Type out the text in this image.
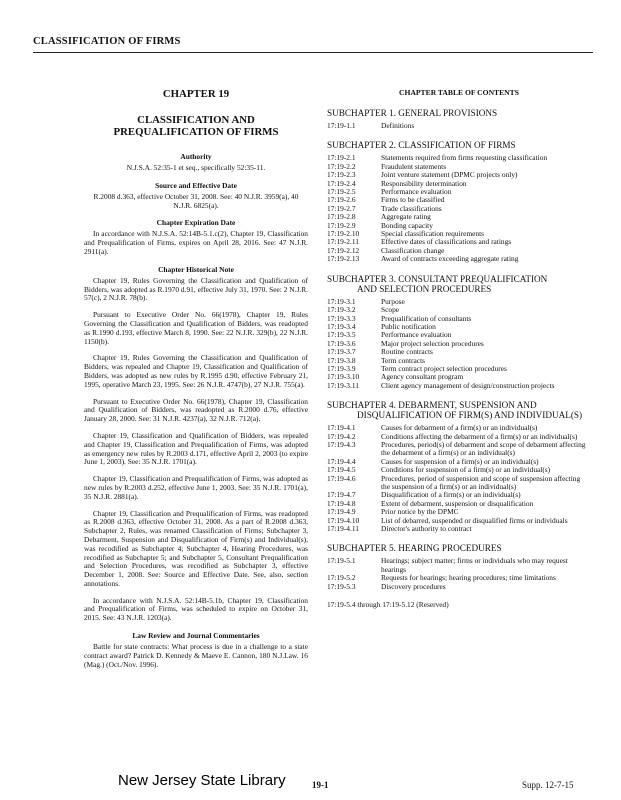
CLASSIFICATION OF FIRMS
CHAPTER 19
CLASSIFICATION AND PREQUALIFICATION OF FIRMS
Authority
N.J.S.A. 52:35-1 et seq., specifically 52:35-11.
Source and Effective Date
R.2008 d.363, effective October 31, 2008. See: 40 N.J.R. 3959(a), 40 N.J.R. 6825(a).
Chapter Expiration Date
In accordance with N.J.S.A. 52:14B-5.1.c(2), Chapter 19, Classification and Prequalification of Firms, expires on April 28, 2016. See: 47 N.J.R. 2911(a).
Chapter Historical Note
Chapter 19, Rules Governing the Classification and Qualification of Bidders, was adopted as R.1970 d.91, effective July 31, 1970. See: 2 N.J.R. 57(c), 2 N.J.R. 78(b).
Pursuant to Executive Order No. 66(1978), Chapter 19, Rules Governing the Classification and Qualification of Bidders, was readopted as R.1990 d.193, effective March 8, 1990. See: 22 N.J.R. 329(b), 22 N.J.R. 1150(b).
Chapter 19, Rules Governing the Classification and Qualification of Bidders, was repealed and Chapter 19, Classification and Qualification of Bidders, was adopted as new rules by R.1995 d.90, effective February 21, 1995, operative March 23, 1995. See: 26 N.J.R. 4747(b), 27 N.J.R. 755(a).
Pursuant to Executive Order No. 66(1978), Chapter 19, Classification and Qualification of Bidders, was readopted as R.2000 d.76, effective January 28, 2000. See: 31 N.J.R. 4237(a), 32 N.J.R. 712(a).
Chapter 19, Classification and Qualification of Bidders, was repealed and Chapter 19, Classification and Prequalification of Firms, was adopted as emergency new rules by R.2003 d.171, effective April 2, 2003 (to expire June 1, 2003). See: 35 N.J.R. 1701(a).
Chapter 19, Classification and Prequalification of Firms, was adopted as new rules by R.2003 d.252, effective June 1, 2003. See: 35 N.J.R. 1701(a), 35 N.J.R. 2881(a).
Chapter 19, Classification and Prequalification of Firms, was readopted as R.2008 d.363, effective October 31, 2008. As a part of R.2008 d.363, Subchapter 2, Rules, was renamed Classification of Firms; Subchapter 3, Debarment, Suspension and Disqualification of Firm(s) and Individual(s), was recodified as Subchapter 4; Subchapter 4, Hearing Procedures, was recodified as Subchapter 5; and Subchapter 5, Consultant Prequalification and Selection Procedures, was recodified as Subchapter 3, effective December 1, 2008. See: Source and Effective Date. See, also, section annotations.
In accordance with N.J.S.A. 52:14B-5.1b, Chapter 19, Classification and Prequalification of Firms, was scheduled to expire on October 31, 2015. See: 43 N.J.R. 1203(a).
Law Review and Journal Commentaries
Battle for state contracts: What process is due in a challenge to a state contract award? Patrick D. Kennedy & Maeve E. Cannon, 180 N.J.Law. 16 (Mag.) (Oct./Nov. 1996).
CHAPTER TABLE OF CONTENTS
SUBCHAPTER 1. GENERAL PROVISIONS
17:19-1.1	Definitions
SUBCHAPTER 2. CLASSIFICATION OF FIRMS
17:19-2.1	Statements required from firms requesting classification
17:19-2.2	Fraudulent statements
17:19-2.3	Joint venture statement (DPMC projects only)
17:19-2.4	Responsibility determination
17:19-2.5	Performance evaluation
17:19-2.6	Firms to be classified
17:19-2.7	Trade classifications
17:19-2.8	Aggregate rating
17:19-2.9	Bonding capacity
17:19-2.10	Special classification requirements
17:19-2.11	Effective dates of classifications and ratings
17:19-2.12	Classification change
17:19-2.13	Award of contracts exceeding aggregate rating
SUBCHAPTER 3. CONSULTANT PREQUALIFICATION
AND SELECTION PROCEDURES
17:19-3.1	Purpose
17:19-3.2	Scope
17:19-3.3	Prequalification of consultants
17:19-3.4	Public notification
17:19-3.5	Performance evaluation
17:19-3.6	Major project selection procedures
17:19-3.7	Routine contracts
17:19-3.8	Term contracts
17:19-3.9	Term contract project selection procedures
17:19-3.10	Agency consultant program
17:19-3.11	Client agency management of design/construction projects
SUBCHAPTER 4. DEBARMENT, SUSPENSION AND
DISQUALIFICATION OF FIRM(S) AND INDIVIDUAL(S)
17:19-4.1	Causes for debarment of a firm(s) or an individual(s)
17:19-4.2	Conditions affecting the debarment of a firm(s) or an individual(s)
17:19-4.3	Procedures, period(s) of debarment and scope of debarment affecting the debarment of a firm(s) or an individual(s)
17:19-4.4	Causes for suspension of a firm(s) or an individual(s)
17:19-4.5	Conditions for suspension of a firm(s) or an individual(s)
17:19-4.6	Procedures, period of suspension and scope of suspension affecting the suspension of a firm(s) or an individual(s)
17:19-4.7	Disqualification of a firm(s) or an individual(s)
17:19-4.8	Extent of debarment, suspension or disqualification
17:19-4.9	Prior notice by the DPMC
17:19-4.10	List of debarred, suspended or disqualified firms or individuals
17:19-4.11	Director's authority to contract
SUBCHAPTER 5. HEARING PROCEDURES
17:19-5.1	Hearings; subject matter; firms or individuals who may request hearings
17:19-5.2	Requests for hearings; hearing procedures; time limitations
17:19-5.3	Discovery procedures
17:19-5.4 through 17:19-5.12 (Reserved)
New Jersey State Library	19-1	Supp. 12-7-15
